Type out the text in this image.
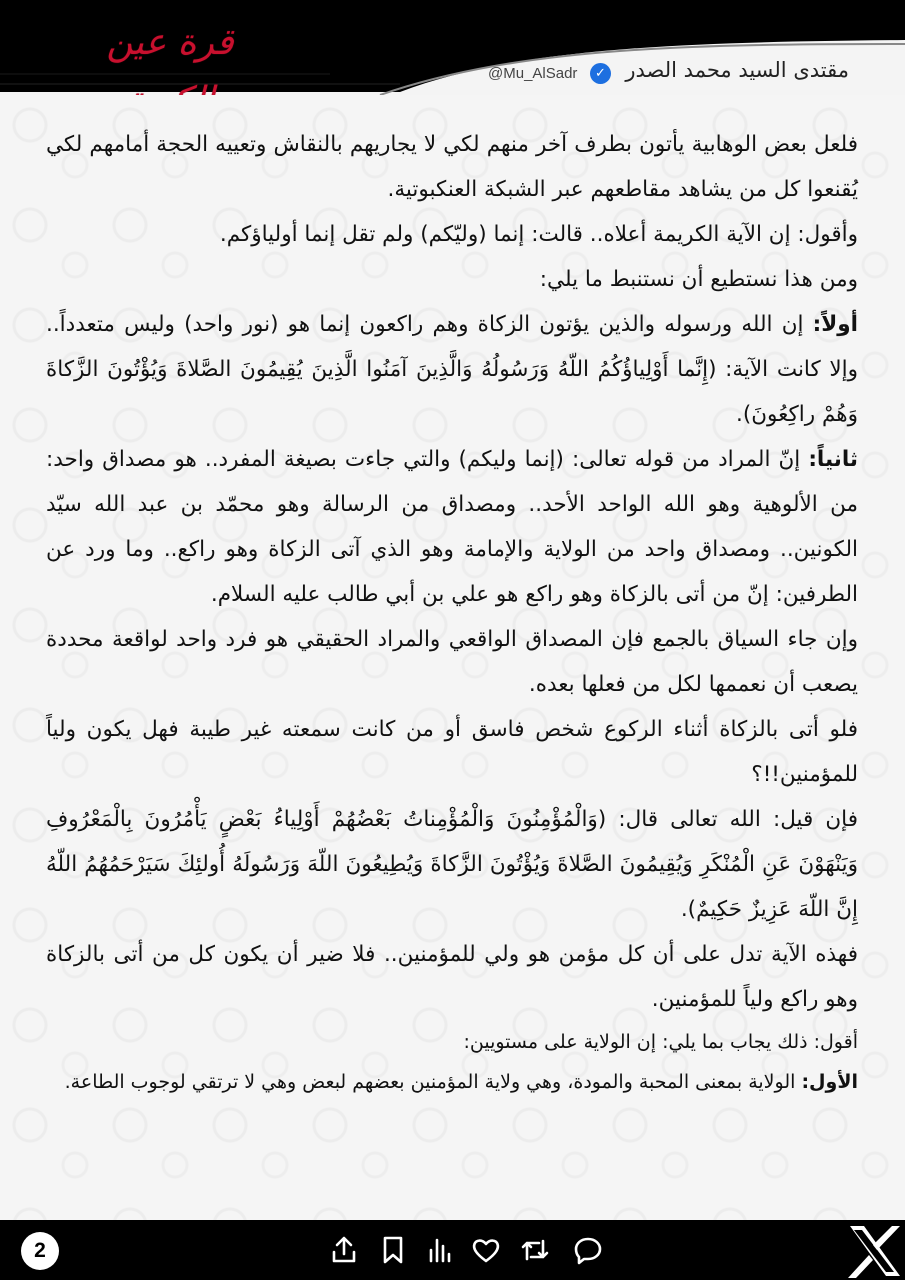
قرة عين
مقتدى السيد محمد الصدر
✓
@Mu_AlSadr

فلعل بعض الوهابية يأتون بطرف آخر منهم لكي لا يجاريهم بالنقاش وتعييه الحجة أمامهم لكي يُقنعوا كل من يشاهد مقاطعهم عبر الشبكة العنكبوتية.

وأقول: إن الآية الكريمة أعلاه.. قالت: إنما (وليّكم) ولم تقل إنما أولياؤكم.

ومن هذا نستطيع أن نستنبط ما يلي:

أولاً: إن الله ورسوله والذين يؤتون الزكاة وهم راكعون إنما هو (نور واحد) وليس متعدداً.. وإلا كانت الآية: (إِنَّما أَوْلِياؤُكُمُ اللّهُ وَرَسُولُهُ وَالَّذِينَ آمَنُوا الَّذِينَ يُقِيمُونَ الصَّلاةَ وَيُؤْتُونَ الزَّكاةَ وَهُمْ راكِعُونَ).

ثانياً: إنّ المراد من قوله تعالى: (إنما وليكم) والتي جاءت بصيغة المفرد.. هو مصداق واحد: من الألوهية وهو الله الواحد الأحد.. ومصداق من الرسالة وهو محمّد بن عبد الله سيّد الكونين.. ومصداق واحد من الولاية والإمامة وهو الذي آتى الزكاة وهو راكع.. وما ورد عن الطرفين: إنّ من أتى بالزكاة وهو راكع هو علي بن أبي طالب عليه السلام.

وإن جاء السياق بالجمع فإن المصداق الواقعي والمراد الحقيقي هو فرد واحد لواقعة محددة يصعب أن نعممها لكل من فعلها بعده.

فلو أتى بالزكاة أثناء الركوع شخص فاسق أو من كانت سمعته غير طيبة فهل يكون ولياً للمؤمنين!!؟

فإن قيل: الله تعالى قال: (وَالْمُؤْمِنُونَ وَالْمُؤْمِناتُ بَعْضُهُمْ أَوْلِياءُ بَعْضٍ يَأْمُرُونَ بِالْمَعْرُوفِ وَيَنْهَوْنَ عَنِ الْمُنْكَرِ وَيُقِيمُونَ الصَّلاةَ وَيُؤْتُونَ الزَّكاةَ وَيُطِيعُونَ اللّهَ وَرَسُولَهُ أُولئِكَ سَيَرْحَمُهُمُ اللّهُ إِنَّ اللّهَ عَزِيزٌ حَكِيمٌ).

فهذه الآية تدل على أن كل مؤمن هو ولي للمؤمنين.. فلا ضير أن يكون كل من أتى بالزكاة وهو راكع ولياً للمؤمنين.

أقول: ذلك يجاب بما يلي: إن الولاية على مستويين:

الأول: الولاية بمعنى المحبة والمودة، وهي ولاية المؤمنين بعضهم لبعض وهي لا ترتقي لوجوب الطاعة.

2
